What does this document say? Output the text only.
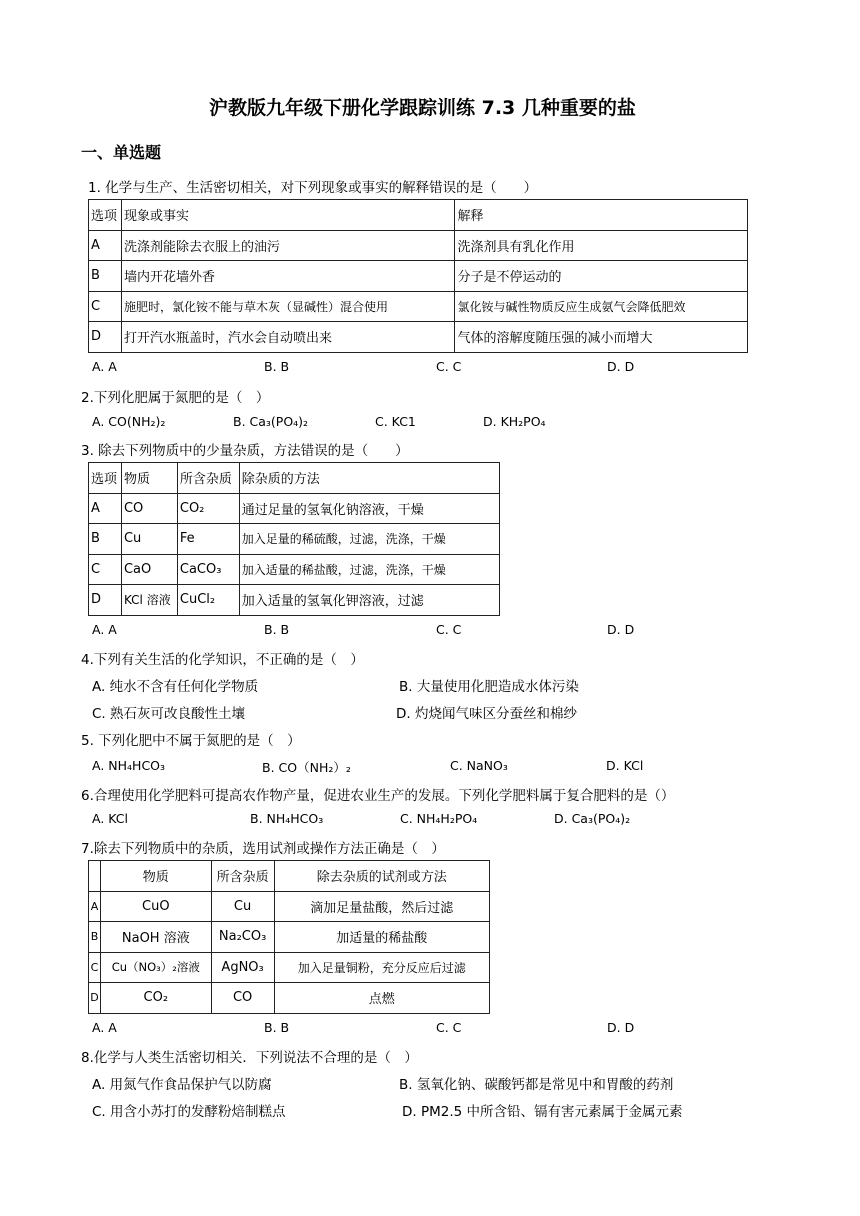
沪教版九年级下册化学跟踪训练 7.3 几种重要的盐
一、单选题
1. 化学与生产、生活密切相关，对下列现象或事实的解释错误的是（　　）
选项	现象或事实	解释
A	洗涤剂能除去衣服上的油污	洗涤剂具有乳化作用
B	墙内开花墙外香	分子是不停运动的
C	施肥时，氯化铵不能与草木灰（显碱性）混合使用	氯化铵与碱性物质反应生成氨气会降低肥效
D	打开汽水瓶盖时，汽水会自动喷出来	气体的溶解度随压强的减小而增大
A. A	B. B	C. C	D. D
2.下列化肥属于氮肥的是（　）
A. CO(NH₂)₂	B. Ca₃(PO₄)₂	C. KC1	D. KH₂PO₄
3. 除去下列物质中的少量杂质，方法错误的是（　　）
选项	物质	所含杂质	除杂质的方法
A	CO	CO₂	通过足量的氢氧化钠溶液，干燥
B	Cu	Fe	加入足量的稀硫酸，过滤，洗涤，干燥
C	CaO	CaCO₃	加入适量的稀盐酸，过滤，洗涤，干燥
D	KCl 溶液	CuCl₂	加入适量的氢氧化钾溶液，过滤
A. A	B. B	C. C	D. D
4.下列有关生活的化学知识，不正确的是（　）
A. 纯水不含有任何化学物质	B. 大量使用化肥造成水体污染
C. 熟石灰可改良酸性土壤	D. 灼烧闻气味区分蚕丝和棉纱
5. 下列化肥中不属于氮肥的是（　）
A. NH₄HCO₃	B. CO（NH₂）₂	C. NaNO₃	D. KCl
6.合理使用化学肥料可提高农作物产量，促进农业生产的发展。下列化学肥料属于复合肥料的是（）
A. KCl	B. NH₄HCO₃	C. NH₄H₂PO₄	D. Ca₃(PO₄)₂
7.除去下列物质中的杂质，选用试剂或操作方法正确是（　）
	物质	所含杂质	除去杂质的试剂或方法
A	CuO	Cu	滴加足量盐酸，然后过滤
B	NaOH 溶液	Na₂CO₃	加适量的稀盐酸
C	Cu（NO₃）₂溶液	AgNO₃	加入足量铜粉，充分反应后过滤
D	CO₂	CO	点燃
A. A	B. B	C. C	D. D
8.化学与人类生活密切相关．下列说法不合理的是（　）
A. 用氮气作食品保护气以防腐	B. 氢氧化钠、碳酸钙都是常见中和胃酸的药剂
C. 用含小苏打的发酵粉焙制糕点	D. PM2.5 中所含铅、镉有害元素属于金属元素
